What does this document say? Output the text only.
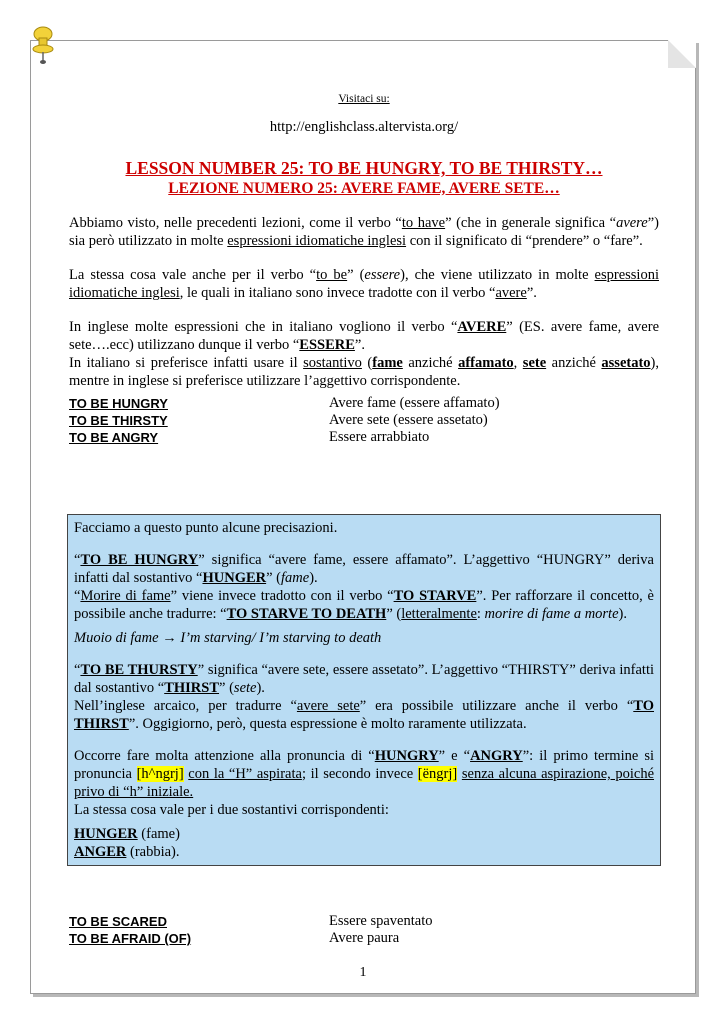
Visitaci su:
http://englishclass.altervista.org/
LESSON NUMBER 25: TO BE HUNGRY, TO BE THIRSTY…
LEZIONE NUMERO 25: AVERE FAME, AVERE SETE…

Abbiamo visto, nelle precedenti lezioni, come il verbo “to have” (che in generale significa “avere”) sia però utilizzato in molte espressioni idiomatiche inglesi con il significato di “prendere” o “fare”.

La stessa cosa vale anche per il verbo “to be” (essere), che viene utilizzato in molte espressioni idiomatiche inglesi, le quali in italiano sono invece tradotte con il verbo “avere”.

In inglese molte espressioni che in italiano vogliono il verbo “AVERE” (ES. avere fame, avere sete….ecc) utilizzano dunque il verbo “ESSERE”.
In italiano si preferisce infatti usare il sostantivo (fame anziché affamato, sete anziché assetato), mentre in inglese si preferisce utilizzare l’aggettivo corrispondente.

TO BE HUNGRY	Avere fame (essere affamato)
TO BE THIRSTY	Avere sete (essere assetato)
TO BE ANGRY	Essere arrabbiato

Facciamo a questo punto alcune precisazioni.

“TO BE HUNGRY” significa “avere fame, essere affamato”. L’aggettivo “HUNGRY” deriva infatti dal sostantivo “HUNGER” (fame).

“Morire di fame” viene invece tradotto con il verbo “TO STARVE”. Per rafforzare il concetto, è possibile anche tradurre: “TO STARVE TO DEATH” (letteralmente: morire di fame a morte).

Muoio di fame → I’m starving/ I’m starving to death

“TO BE THURSTY” significa “avere sete, essere assetato”. L’aggettivo “THIRSTY” deriva infatti dal sostantivo “THIRST” (sete).

Nell’inglese arcaico, per tradurre “avere sete” era possibile utilizzare anche il verbo “TO THIRST”. Oggigiorno, però, questa espressione è molto raramente utilizzata.

Occorre fare molta attenzione alla pronuncia di “HUNGRY” e “ANGRY”: il primo termine si pronuncia [h^ngrj] con la “H” aspirata; il secondo invece [ëngrj] senza alcuna aspirazione, poiché privo di “h” iniziale.

La stessa cosa vale per i due sostantivi corrispondenti:

HUNGER (fame)

ANGER (rabbia).

TO BE SCARED	Essere spaventato
TO BE AFRAID (OF)	Avere paura
1
